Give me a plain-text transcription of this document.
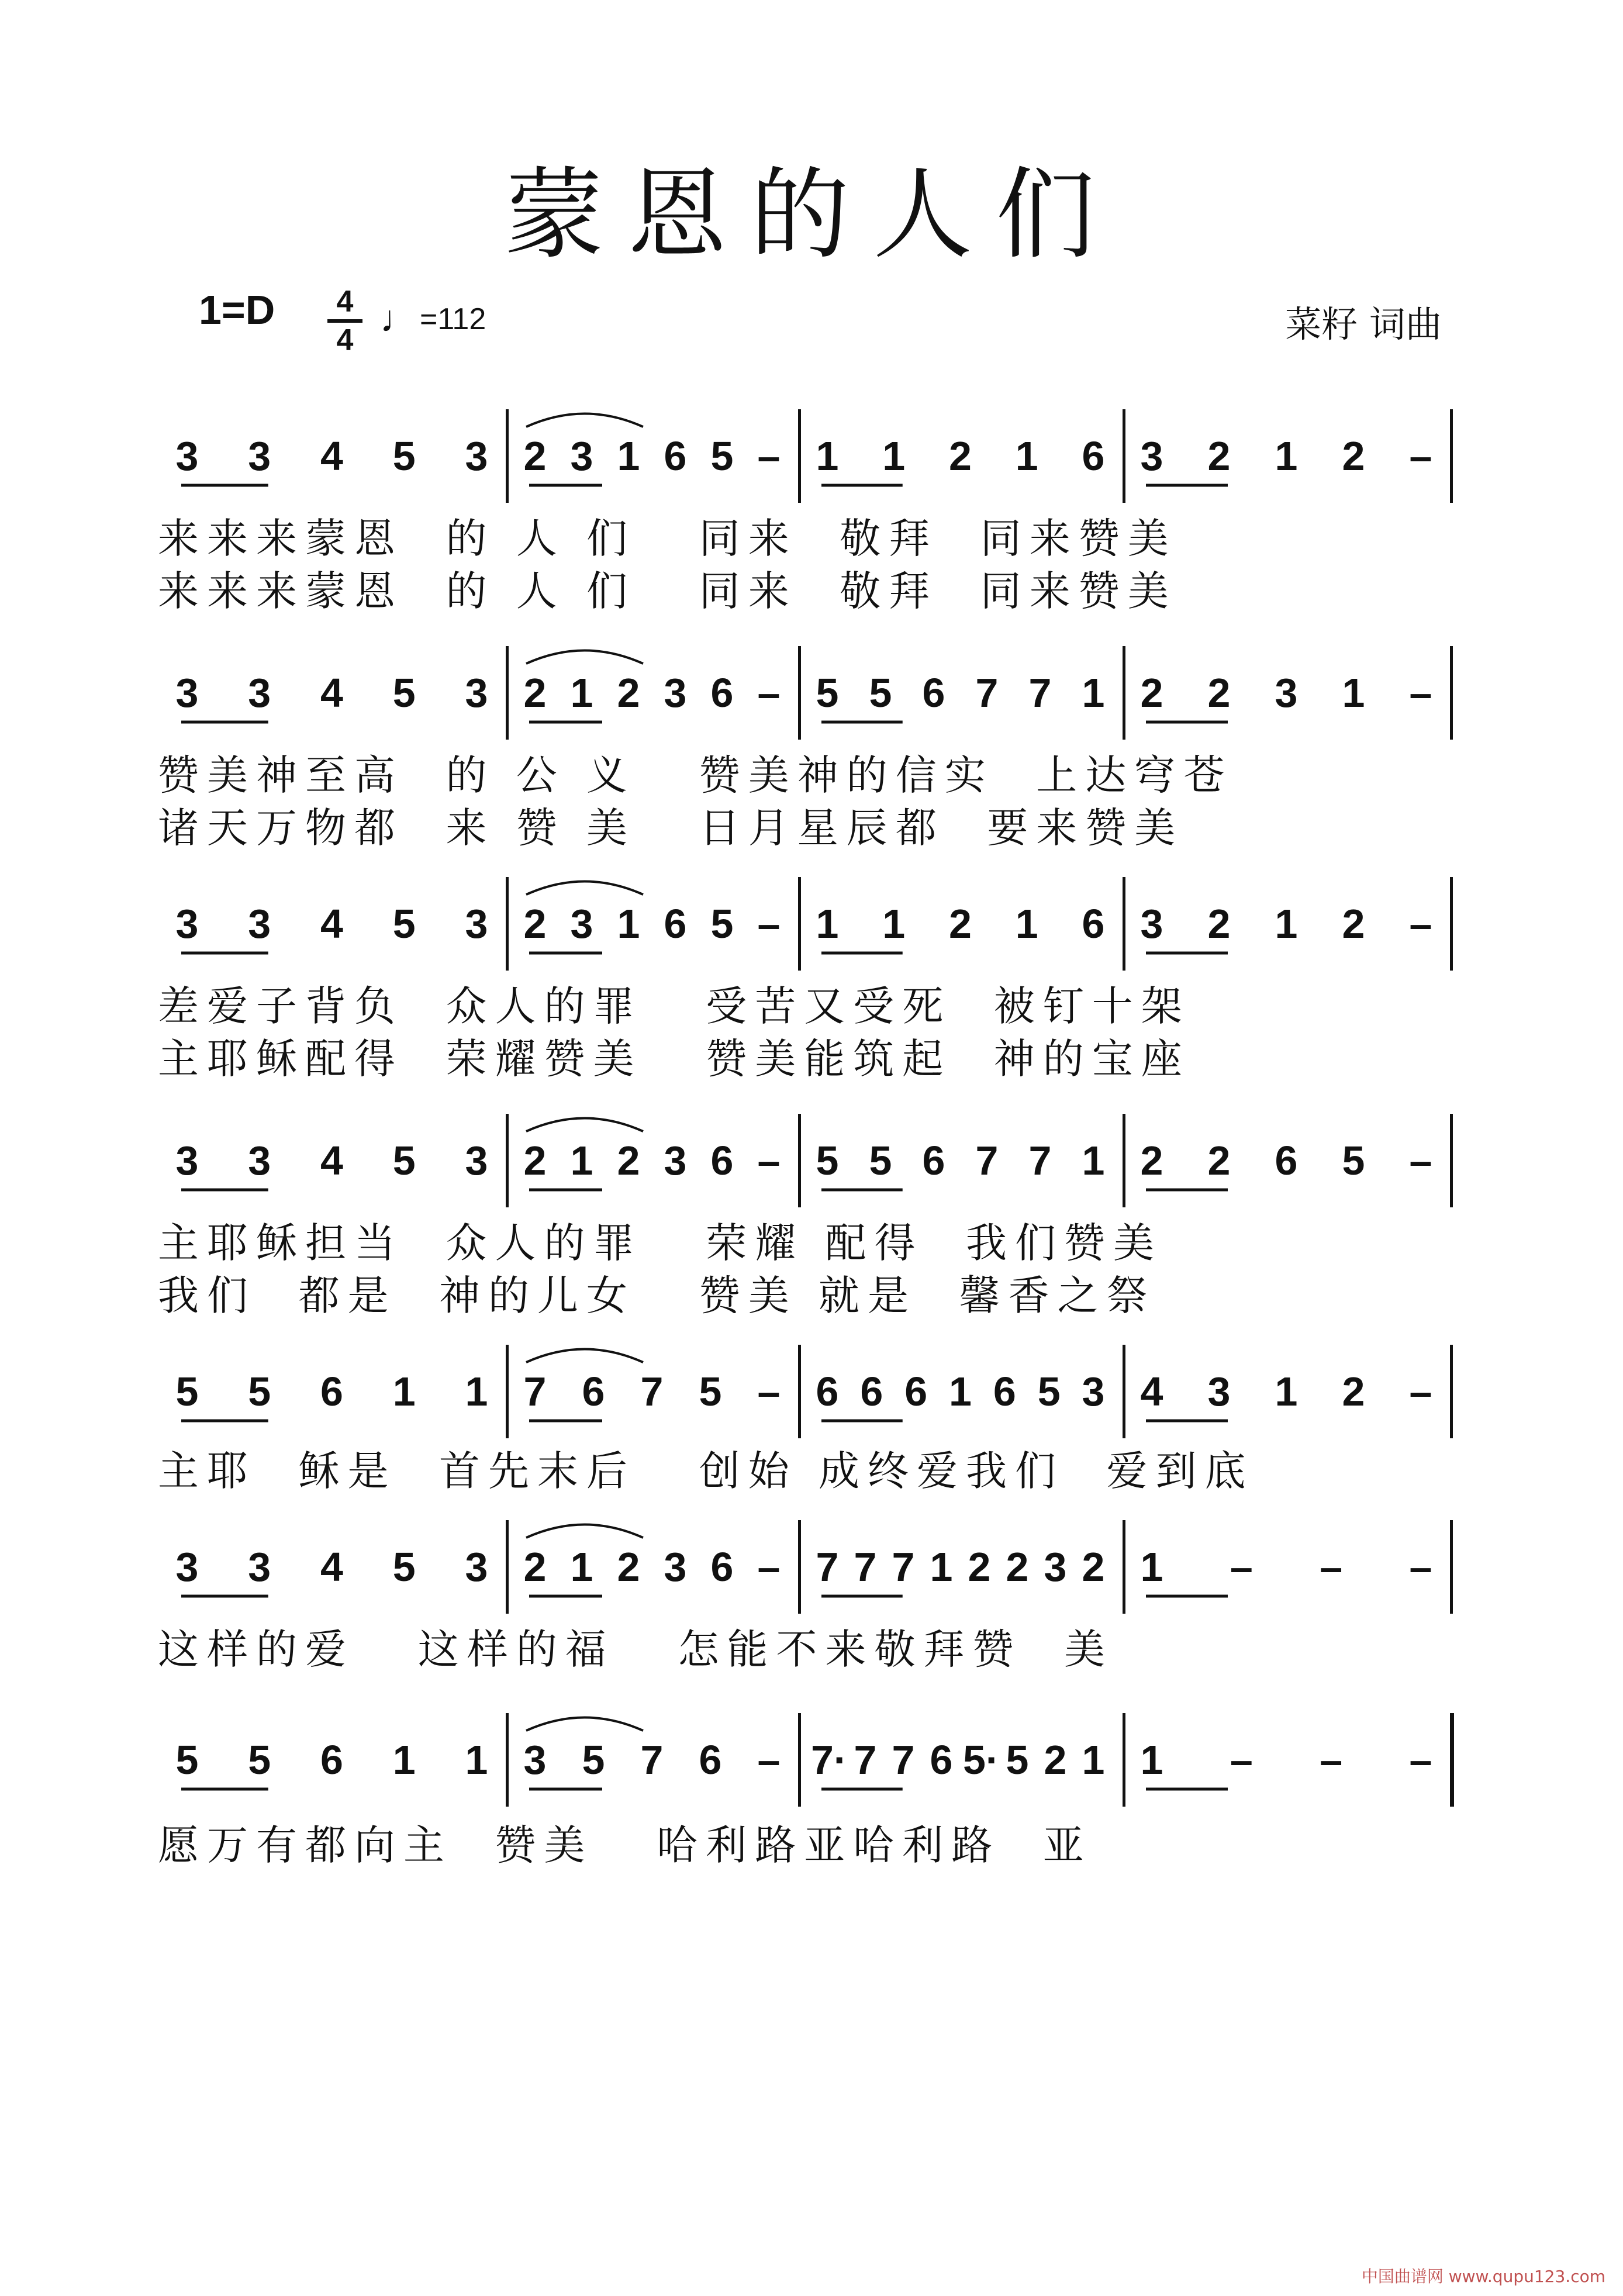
蒙恩的人们
1=D 4
4
♩=112	菜籽 词曲
3 3 4 5 3 2 3 1 6 5 – 1 1 2 1 6 3 2 1 2 –
来来来蒙恩  的 人 们   同来  敬拜  同来赞美
来来来蒙恩  的 人 们   同来  敬拜  同来赞美
3 3 4 5 3 2 1 2 3 6 – 5 5 6 7 7 1 2 2 3 1 –
赞美神至高  的 公 义   赞美神的信实  上达穹苍
诸天万物都  来 赞 美   日月星辰都  要来赞美
3 3 4 5 3 2 3 1 6 5 – 1 1 2 1 6 3 2 1 2 –
差爱子背负  众人的罪   受苦又受死  被钉十架
主耶稣配得  荣耀赞美   赞美能筑起  神的宝座
3 3 4 5 3 2 1 2 3 6 – 5 5 6 7 7 1 2 2 6 5 –
主耶稣担当  众人的罪   荣耀 配得  我们赞美
我们  都是  神的儿女   赞美 就是  馨香之祭
5 5 6 1 1 7 6 7 5 – 6 6 6 1 6 5 3 4 3 1 2 –
主耶  稣是  首先末后   创始 成终爱我们  爱到底
3 3 4 5 3 2 1 2 3 6 – 7 7 7 1 2 2 3 2 1 – – –
这样的爱   这样的福   怎能不来敬拜赞  美
5 5 6 1 1 3 5 7 6 – 7· 7 7 6 5· 5 2 1 1 – – –
愿万有都向主  赞美   哈利路亚哈利路  亚
中国曲谱网 www.qupu123.com
